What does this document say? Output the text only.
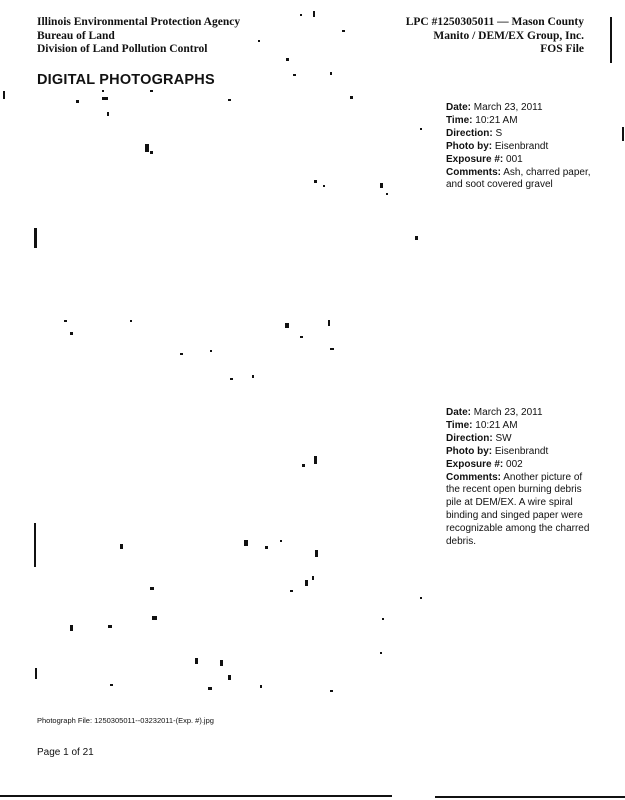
Illinois Environmental Protection Agency
Bureau of Land
Division of Land Pollution Control
LPC #1250305011 — Mason County
Manito / DEM/EX Group, Inc.
FOS File
DIGITAL PHOTOGRAPHS
Date: March 23, 2011
Time: 10:21 AM
Direction: S
Photo by: Eisenbrandt
Exposure #: 001
Comments: Ash, charred paper, and soot covered gravel
Date: March 23, 2011
Time: 10:21 AM
Direction: SW
Photo by: Eisenbrandt
Exposure #: 002
Comments: Another picture of the recent open burning debris pile at DEM/EX. A wire spiral binding and singed paper were recognizable among the charred debris.
Photograph File: 1250305011--03232011-(Exp. #).jpg
Page 1 of 21
